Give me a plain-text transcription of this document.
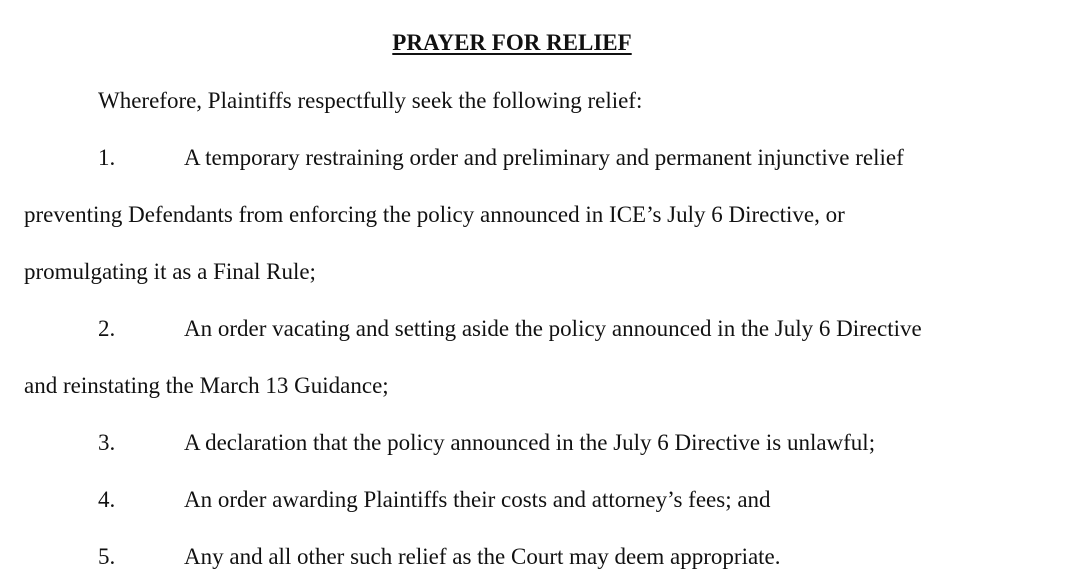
PRAYER FOR RELIEF
Wherefore, Plaintiffs respectfully seek the following relief:
1.	A temporary restraining order and preliminary and permanent injunctive relief
preventing Defendants from enforcing the policy announced in ICE’s July 6 Directive, or
promulgating it as a Final Rule;
2.	An order vacating and setting aside the policy announced in the July 6 Directive
and reinstating the March 13 Guidance;
3.	A declaration that the policy announced in the July 6 Directive is unlawful;
4.	An order awarding Plaintiffs their costs and attorney’s fees; and
5.	Any and all other such relief as the Court may deem appropriate.
